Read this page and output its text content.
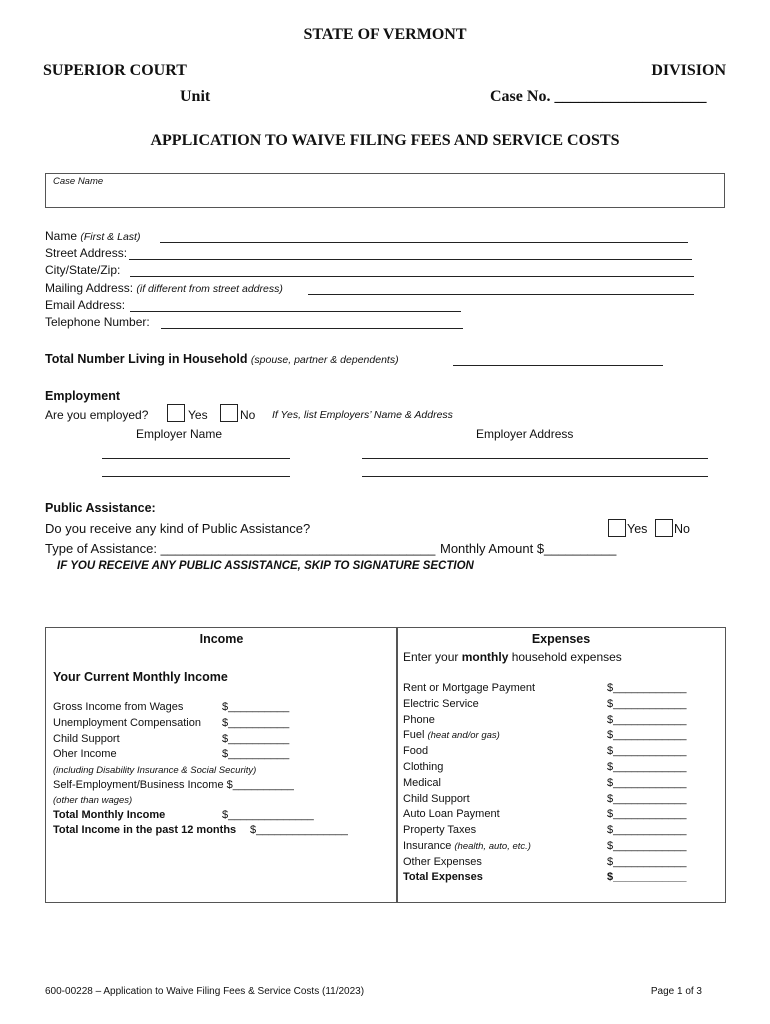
STATE OF VERMONT
SUPERIOR COURT	DIVISION
Unit	Case No. ___________________
APPLICATION TO WAIVE FILING FEES AND SERVICE COSTS
Case Name
Name (First & Last)
Street Address:
City/State/Zip:
Mailing Address: (if different from street address)
Email Address:
Telephone Number:
Total Number Living in Household (spouse, partner & dependents)
Employment
Are you employed?	Yes	No If Yes, list Employers’ Name & Address
Employer Name	Employer Address
Public Assistance:
Do you receive any kind of Public Assistance?	Yes No
Type of Assistance: ______________________________________ Monthly Amount $__________
IF YOU RECEIVE ANY PUBLIC ASSISTANCE, SKIP TO SIGNATURE SECTION
Income
Your Current Monthly Income
Gross Income from Wages	$__________
Unemployment Compensation $__________
Child Support	$__________
Oher Income	$__________
(including Disability Insurance & Social Security)
Self-Employment/Business Income $__________
(other than wages)
Total Monthly Income	$______________
Total Income in the past 12 months $_______________
Expenses
Enter your monthly household expenses
Rent or Mortgage Payment	$____________
Electric Service	$____________
Phone	$____________
Fuel (heat and/or gas)	$____________
Food	$____________
Clothing	$____________
Medical	$____________
Child Support	$____________
Auto Loan Payment	$____________
Property Taxes	$____________
Insurance (health, auto, etc.)	$____________
Other Expenses	$____________
Total Expenses	$____________
600-00228 – Application to Waive Filing Fees & Service Costs (11/2023)	Page 1 of 3
